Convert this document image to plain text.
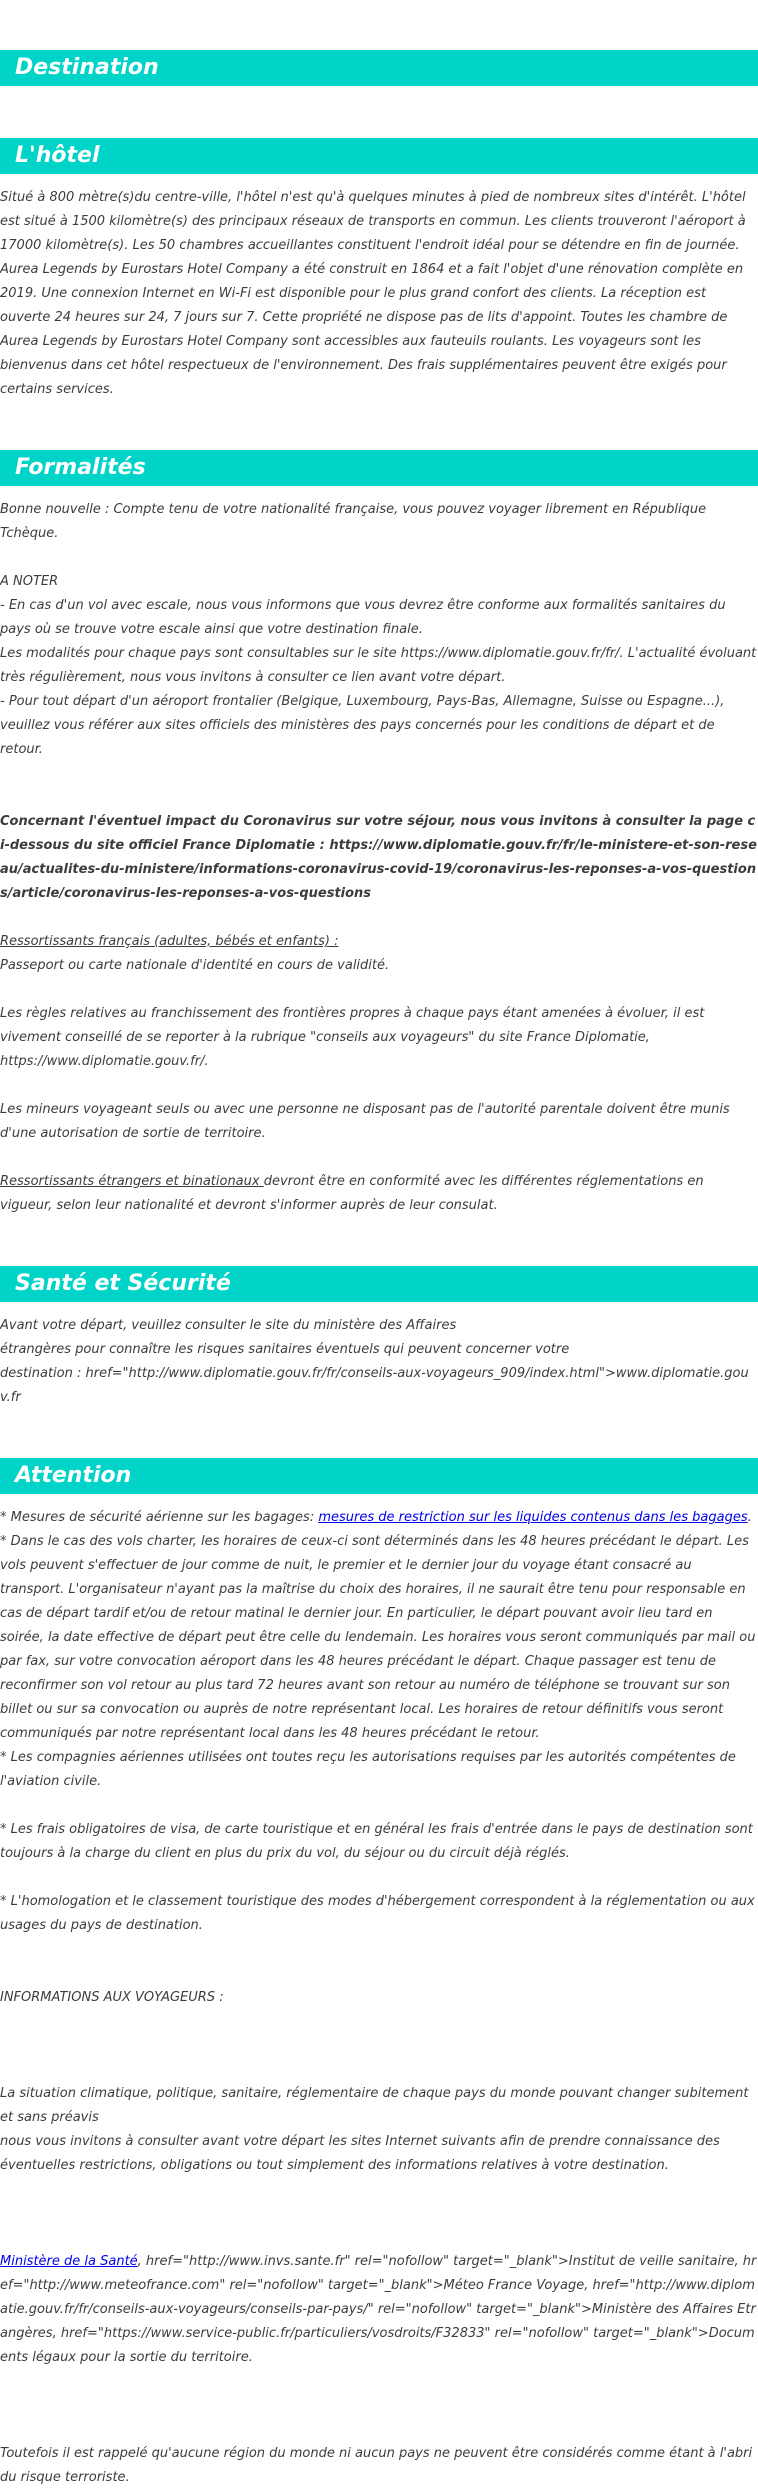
Destination
L'hôtel

Situé à 800 mètre(s)du centre-ville, l'hôtel n'est qu'à quelques minutes à pied de nombreux sites d'intérêt. L'hôtel est situé à 1500 kilomètre(s) des principaux réseaux de transports en commun. Les clients trouveront l'aéroport à 17000 kilomètre(s). Les 50 chambres accueillantes constituent l'endroit idéal pour se détendre en fin de journée. Aurea Legends by Eurostars Hotel Company a été construit en 1864 et a fait l'objet d'une rénovation complète en 2019. Une connexion Internet en Wi-Fi est disponible pour le plus grand confort des clients. La réception est ouverte 24 heures sur 24, 7 jours sur 7. Cette propriété ne dispose pas de lits d'appoint. Toutes les chambre de Aurea Legends by Eurostars Hotel Company sont accessibles aux fauteuils roulants. Les voyageurs sont les bienvenus dans cet hôtel respectueux de l'environnement. Des frais supplémentaires peuvent être exigés pour certains services.

Formalités

Bonne nouvelle : Compte tenu de votre nationalité française, vous pouvez voyager librement en République Tchèque.

A NOTER

- En cas d'un vol avec escale, nous vous informons que vous devrez être conforme aux formalités sanitaires du pays où se trouve votre escale ainsi que votre destination finale.

Les modalités pour chaque pays sont consultables sur le site https://www.diplomatie.gouv.fr/fr/. L'actualité évoluant très régulièrement, nous vous invitons à consulter ce lien avant votre départ.

- Pour tout départ d'un aéroport frontalier (Belgique, Luxembourg, Pays-Bas, Allemagne, Suisse ou Espagne...), veuillez vous référer aux sites officiels des ministères des pays concernés pour les conditions de départ et de retour.

Concernant l'éventuel impact du Coronavirus sur votre séjour, nous vous invitons à consulter la page ci-dessous du site officiel France Diplomatie : https://www.diplomatie.gouv.fr/fr/le-ministere-et-son-reseau/actualites-du-ministere/informations-coronavirus-covid-19/coronavirus-les-reponses-a-vos-questions/article/coronavirus-les-reponses-a-vos-questions

Ressortissants français (adultes, bébés et enfants) :

Passeport ou carte nationale d'identité en cours de validité.

Les règles relatives au franchissement des frontières propres à chaque pays étant amenées à évoluer, il est vivement conseillé de se reporter à la rubrique "conseils aux voyageurs" du site France Diplomatie, https://www.diplomatie.gouv.fr/.

Les mineurs voyageant seuls ou avec une personne ne disposant pas de l'autorité parentale doivent être munis d'une autorisation de sortie de territoire.

Ressortissants étrangers et binationaux devront être en conformité avec les différentes réglementations en vigueur, selon leur nationalité et devront s'informer auprès de leur consulat.

Santé et Sécurité

Avant votre départ, veuillez consulter le site du ministère des Affaires

étrangères pour connaître les risques sanitaires éventuels qui peuvent concerner votre

destination : href="http://www.diplomatie.gouv.fr/fr/conseils-aux-voyageurs_909/index.html">www.diplomatie.gouv.fr

Attention

* Mesures de sécurité aérienne sur les bagages: mesures de restriction sur les liquides contenus dans les bagages.

* Dans le cas des vols charter, les horaires de ceux-ci sont déterminés dans les 48 heures précédant le départ. Les vols peuvent s'effectuer de jour comme de nuit, le premier et le dernier jour du voyage étant consacré au transport. L'organisateur n'ayant pas la maîtrise du choix des horaires, il ne saurait être tenu pour responsable en cas de départ tardif et/ou de retour matinal le dernier jour. En particulier, le départ pouvant avoir lieu tard en soirée, la date effective de départ peut être celle du lendemain. Les horaires vous seront communiqués par mail ou par fax, sur votre convocation aéroport dans les 48 heures précédant le départ. Chaque passager est tenu de reconfirmer son vol retour au plus tard 72 heures avant son retour au numéro de téléphone se trouvant sur son billet ou sur sa convocation ou auprès de notre représentant local. Les horaires de retour définitifs vous seront communiqués par notre représentant local dans les 48 heures précédant le retour.

* Les compagnies aériennes utilisées ont toutes reçu les autorisations requises par les autorités compétentes de l'aviation civile.

* Les frais obligatoires de visa, de carte touristique et en général les frais d'entrée dans le pays de destination sont toujours à la charge du client en plus du prix du vol, du séjour ou du circuit déjà réglés.

* L'homologation et le classement touristique des modes d'hébergement correspondent à la réglementation ou aux usages du pays de destination.

INFORMATIONS AUX VOYAGEURS :

La situation climatique, politique, sanitaire, réglementaire de chaque pays du monde pouvant changer subitement et sans préavis

nous vous invitons à consulter avant votre départ les sites Internet suivants afin de prendre connaissance des éventuelles restrictions, obligations ou tout simplement des informations relatives à votre destination.

Ministère de la Santé, href="http://www.invs.sante.fr" rel="nofollow" target="_blank">Institut de veille sanitaire, href="http://www.meteofrance.com" rel="nofollow" target="_blank">Méteo France Voyage, href="http://www.diplomatie.gouv.fr/fr/conseils-aux-voyageurs/conseils-par-pays/" rel="nofollow" target="_blank">Ministère des Affaires Etrangères, href="https://www.service-public.fr/particuliers/vosdroits/F32833" rel="nofollow" target="_blank">Documents légaux pour la sortie du territoire.

Toutefois il est rappelé qu'aucune région du monde ni aucun pays ne peuvent être considérés comme étant à l'abri du risque terroriste.
